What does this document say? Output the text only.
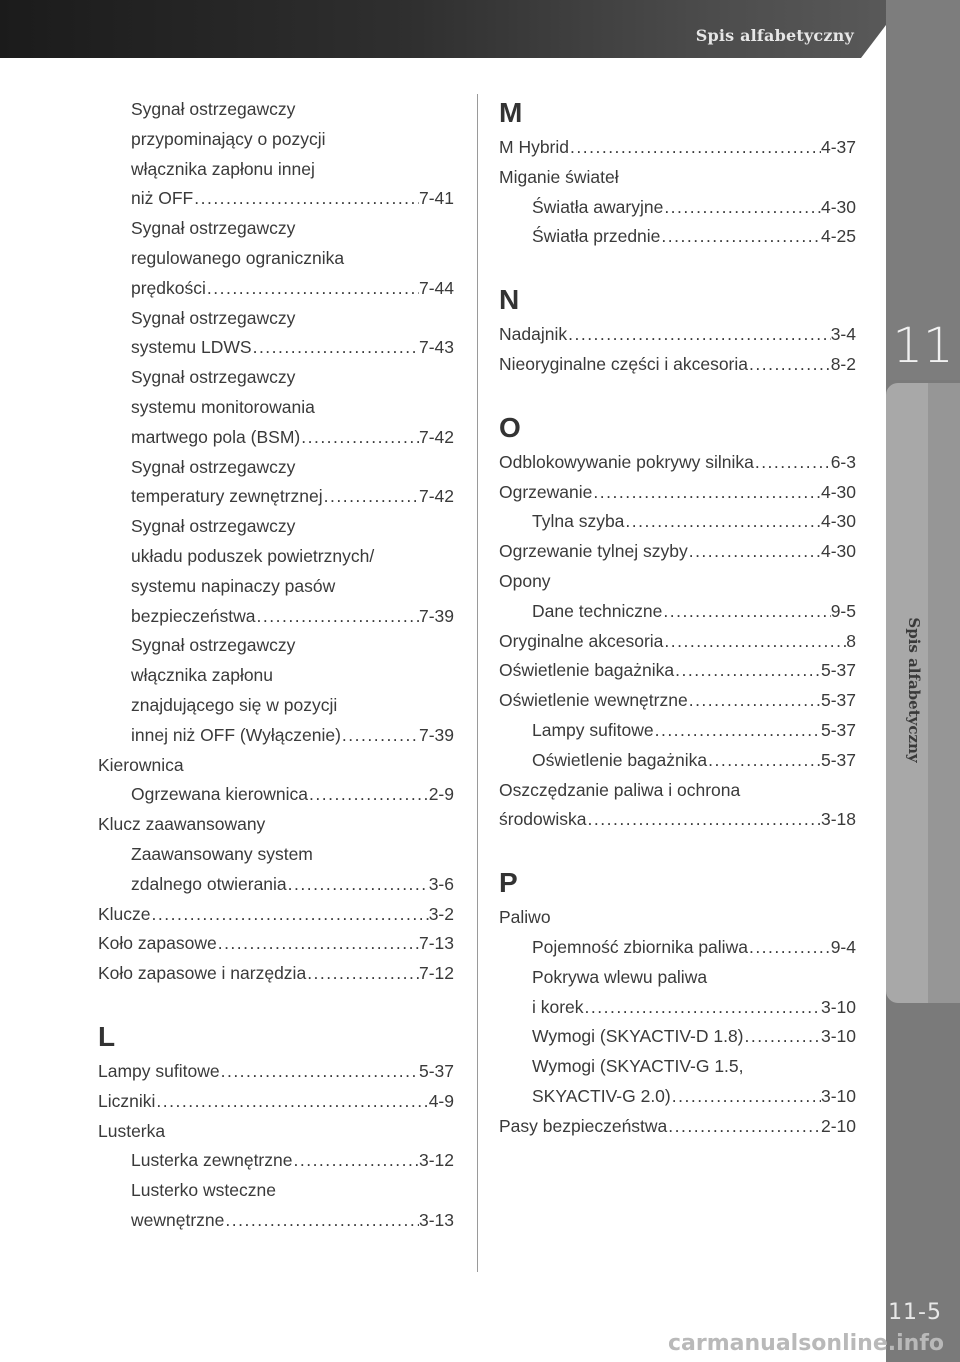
Spis alfabetyczny
11
Spis alfabetyczny
11-5
carmanualsonline.info
Sygnał ostrzegawczy
przypominający o pozycji
włącznika zapłonu innej
niż OFF .....	7-41
Sygnał ostrzegawczy
regulowanego ogranicznika
prędkości .....	7-44
Sygnał ostrzegawczy
systemu LDWS .....	7-43
Sygnał ostrzegawczy
systemu monitorowania
martwego pola (BSM) .....	7-42
Sygnał ostrzegawczy
temperatury zewnętrznej .....	7-42
Sygnał ostrzegawczy
układu poduszek powietrznych/
systemu napinaczy pasów
bezpieczeństwa .....	7-39
Sygnał ostrzegawczy
włącznika zapłonu
znajdującego się w pozycji
innej niż OFF (Wyłączenie) .....	7-39
Kierownica
Ogrzewana kierownica .....	2-9
Klucz zaawansowany
Zaawansowany system
zdalnego otwierania .....	3-6
Klucze .....	3-2
Koło zapasowe .....	7-13
Koło zapasowe i narzędzia .....	7-12
L
Lampy sufitowe .....	5-37
Liczniki .....	4-9
Lusterka
Lusterka zewnętrzne .....	3-12
Lusterko wsteczne
wewnętrzne .....	3-13
M
M Hybrid .....	4-37
Miganie świateł
Światła awaryjne .....	4-30
Światła przednie .....	4-25
N
Nadajnik .....	3-4
Nieoryginalne części i akcesoria .....	8-2
O
Odblokowywanie pokrywy silnika .....	6-3
Ogrzewanie .....	4-30
Tylna szyba .....	4-30
Ogrzewanie tylnej szyby .....	4-30
Opony
Dane techniczne .....	9-5
Oryginalne akcesoria .....	8
Oświetlenie bagażnika .....	5-37
Oświetlenie wewnętrzne .....	5-37
Lampy sufitowe .....	5-37
Oświetlenie bagażnika .....	5-37
Oszczędzanie paliwa i ochrona
środowiska .....	3-18
P
Paliwo
Pojemność zbiornika paliwa .....	9-4
Pokrywa wlewu paliwa
i korek .....	3-10
Wymogi (SKYACTIV-D 1.8) .....	3-10
Wymogi (SKYACTIV-G 1.5,
SKYACTIV-G 2.0) .....	3-10
Pasy bezpieczeństwa .....	2-10
